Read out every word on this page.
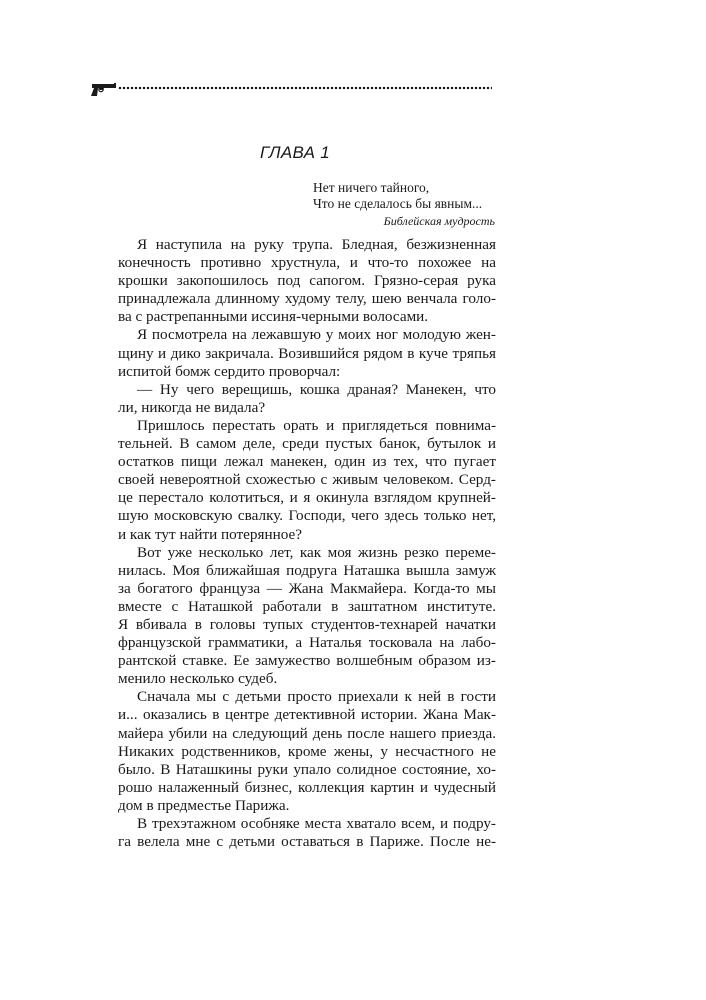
ГЛАВА 1
Нет ничего тайного,
Что не сделалось бы явным...
Библейская мудрость
Я наступила на руку трупа. Бледная, безжизненная
конечность противно хрустнула, и что-то похожее на
крошки закопошилось под сапогом. Грязно-серая рука
принадлежала длинному худому телу, шею венчала голо-
ва с растрепанными иссиня-черными волосами.
Я посмотрела на лежавшую у моих ног молодую жен-
щину и дико закричала. Возившийся рядом в куче тряпья
испитой бомж сердито проворчал:
— Ну чего верещишь, кошка драная? Манекен, что
ли, никогда не видала?
Пришлось перестать орать и приглядеться повнима-
тельней. В самом деле, среди пустых банок, бутылок и
остатков пищи лежал манекен, один из тех, что пугает
своей невероятной схожестью с живым человеком. Серд-
це перестало колотиться, и я окинула взглядом крупней-
шую московскую свалку. Господи, чего здесь только нет,
и как тут найти потерянное?
Вот уже несколько лет, как моя жизнь резко переме-
нилась. Моя ближайшая подруга Наташка вышла замуж
за богатого француза — Жана Макмайера. Когда-то мы
вместе с Наташкой работали в заштатном институте.
Я вбивала в головы тупых студентов-технарей начатки
французской грамматики, а Наталья тосковала на лабо-
рантской ставке. Ее замужество волшебным образом из-
менило несколько судеб.
Сначала мы с детьми просто приехали к ней в гости
и... оказались в центре детективной истории. Жана Мак-
майера убили на следующий день после нашего приезда.
Никаких родственников, кроме жены, у несчастного не
было. В Наташкины руки упало солидное состояние, хо-
рошо налаженный бизнес, коллекция картин и чудесный
дом в предместье Парижа.
В трехэтажном особняке места хватало всем, и подру-
га велела мне с детьми оставаться в Париже. После не-
